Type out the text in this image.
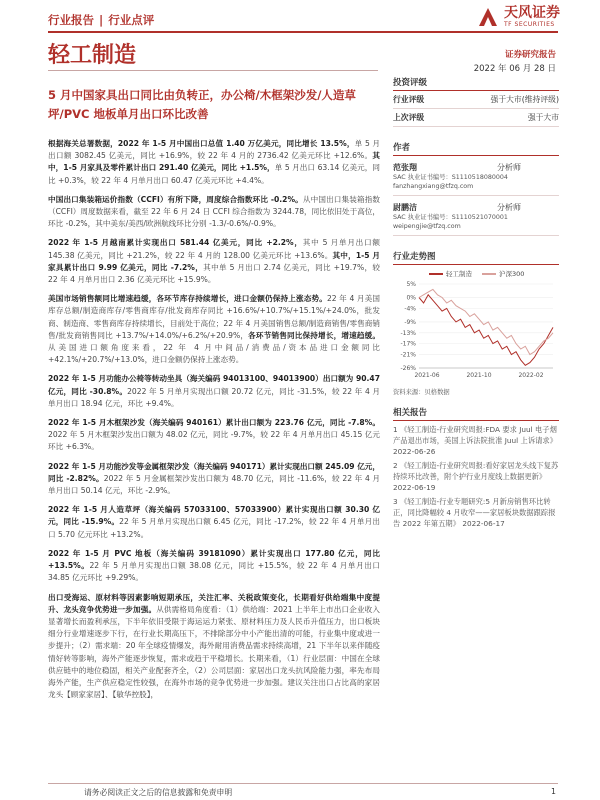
行业报告 | 行业点评	天风证券
TF SECURITIES
轻工制造	证券研究报告
2022 年 06 月 28 日
5 月中国家具出口同比由负转正，办公椅/木框架沙发/人造草坪/PVC 地板单月出口环比改善
根据海关总署数据，2022 年 1-5 月中国出口总值 1.40 万亿美元，同比增长 13.5%，单 5 月出口额 3082.45 亿美元，同比 +16.9%，较 22 年 4 月的 2736.42 亿美元环比 +12.6%。其中，1-5 月家具及零件累计出口 291.40 亿美元，同比 +1.5%，单 5 月出口 63.14 亿美元，同比 +0.3%，较 22 年 4 月单月出口 60.47 亿美元环比 +4.4%。
中国出口集装箱运价指数（CCFI）有所下降，周度综合指数环比 -0.2%。从中国出口集装箱指数（CCFI）周度数据来看，截至 22 年 6 月 24 日 CCFI 综合指数为 3244.78，同比依旧处于高位，环比 -0.2%，其中美东/美西/欧洲航线环比分别 -1.3/-0.6%/-0.9%。
2022 年 1-5 月越南累计实现出口 581.44 亿美元，同比 +2.2%，其中 5 月单月出口额 145.38 亿美元，同比 +21.2%，较 22 年 4 月的 128.00 亿美元环比 +13.6%。其中，1-5 月家具累计出口 9.99 亿美元，同比 -7.2%，其中单 5 月出口 2.74 亿美元，同比 +19.7%，较 22 年 4 月单月出口 2.36 亿美元环比 +15.9%。
美国市场销售额同比增速趋缓，各环节库存持续增长，进口金额仍保持上涨态势。22 年 4 月美国库存总额/制造商库存/零售商库存/批发商库存同比 +16.6%/+10.7%/+15.1%/+24.0%，批发商、制造商、零售商库存持续增长，目前处于高位；22 年 4 月美国销售总额/制造商销售/零售商销售/批发商销售同比 +13.7%/+14.0%/+6.2%/+20.9%，各环节销售同比保持增长，增速趋缓。从美国进口额角度来看，22 年 4 月中间品/消费品/资本品进口金额同比 +42.1%/+20.7%/+13.0%，进口金额仍保持上涨态势。
2022 年 1-5 月功能办公椅等转动坐具（海关编码 94013100、94013900）出口额为 90.47 亿元，同比 -30.8%。2022 年 5 月单月实现出口额 20.72 亿元，同比 -31.5%，较 22 年 4 月单月出口 18.94 亿元，环比 +9.4%。
2022 年 1-5 月木框架沙发（海关编码 940161）累计出口额为 223.76 亿元，同比 -7.8%。2022 年 5 月木框架沙发出口额为 48.02 亿元，同比 -9.7%，较 22 年 4 月单月出口 45.15 亿元环比 +6.3%。
2022 年 1-5 月功能沙发等金属框架沙发（海关编码 940171）累计实现出口额 245.09 亿元，同比 -2.82%。2022 年 5 月金属框架沙发出口额为 48.70 亿元，同比 -11.6%，较 22 年 4 月单月出口 50.14 亿元，环比 -2.9%。
2022 年 1-5 月人造草坪（海关编码 57033100、57033900）累计实现出口额 30.30 亿元，同比 -15.9%。22 年 5 月单月实现出口额 6.45 亿元，同比 -17.2%，较 22 年 4 月单月出口 5.70 亿元环比 +13.2%。
2022 年 1-5 月 PVC 地板（海关编码 39181090）累计实现出口 177.80 亿元，同比 +13.5%。22 年 5 月单月实现出口额 38.08 亿元，同比 +15.5%，较 22 年 4 月单月出口 34.85 亿元环比 +9.29%。
出口受海运、原材料等因素影响短期承压，关注汇率、关税政策变化，长期看好供给端集中度提升、龙头竞争优势进一步加强。从供需格局角度看：（1）供给端：2021 上半年上市出口企业收入显著增长而盈利承压，下半年依旧受限于海运运力紧张、原材料压力及人民币升值压力，出口板块细分行业增速逐步下行，在行业长期高压下，不排除部分中小产能出清的可能，行业集中度或进一步提升；（2）需求端：20 年全球疫情爆发，海外耐用消费品需求持续高增，21 下半年以来伴随疫情好转等影响，海外产能逐步恢复，需求或趋于平稳增长。长期来看，（1）行业层面：中国在全球供应链中的地位稳固，相关产业配套齐全，（2）公司层面：家居出口龙头抗风险能力强，率先布局海外产能，生产供应稳定性较强，在海外市场的竞争优势进一步加强。建议关注出口占比高的家居龙头【顾家家居】、【敏华控股】，
投资评级
行业评级	强于大市(维持评级)
上次评级	强于大市
作者
范张翔	分析师
SAC 执业证书编号：S1110518080004
fanzhangxiang@tfzq.com
尉鹏洁	分析师
SAC 执业证书编号：S1110521070001
weipengjie@tfzq.com
行业走势图
轻工制造	沪深300
5%
0%
-4%
-9%
-13%
-17%
-21%
-26%
2021-06	2021-10	2022-02
资料来源：贝格数据
相关报告
1 《轻工制造-行业研究周报:FDA 要求 Juul 电子烟产品退出市场，美国上诉法院批准 Juul 上诉请求》 2022-06-26
2 《轻工制造-行业研究周报:看好家居龙头线下复苏持续环比改善，附个护行业月度线上数据更新》 2022-06-19
3 《轻工制造-行业专题研究:5 月新房销售环比转正，同比降幅较 4 月收窄——家居板块数据跟踪报告 2022 年第五期》 2022-06-17
请务必阅读正文之后的信息披露和免责申明	1
